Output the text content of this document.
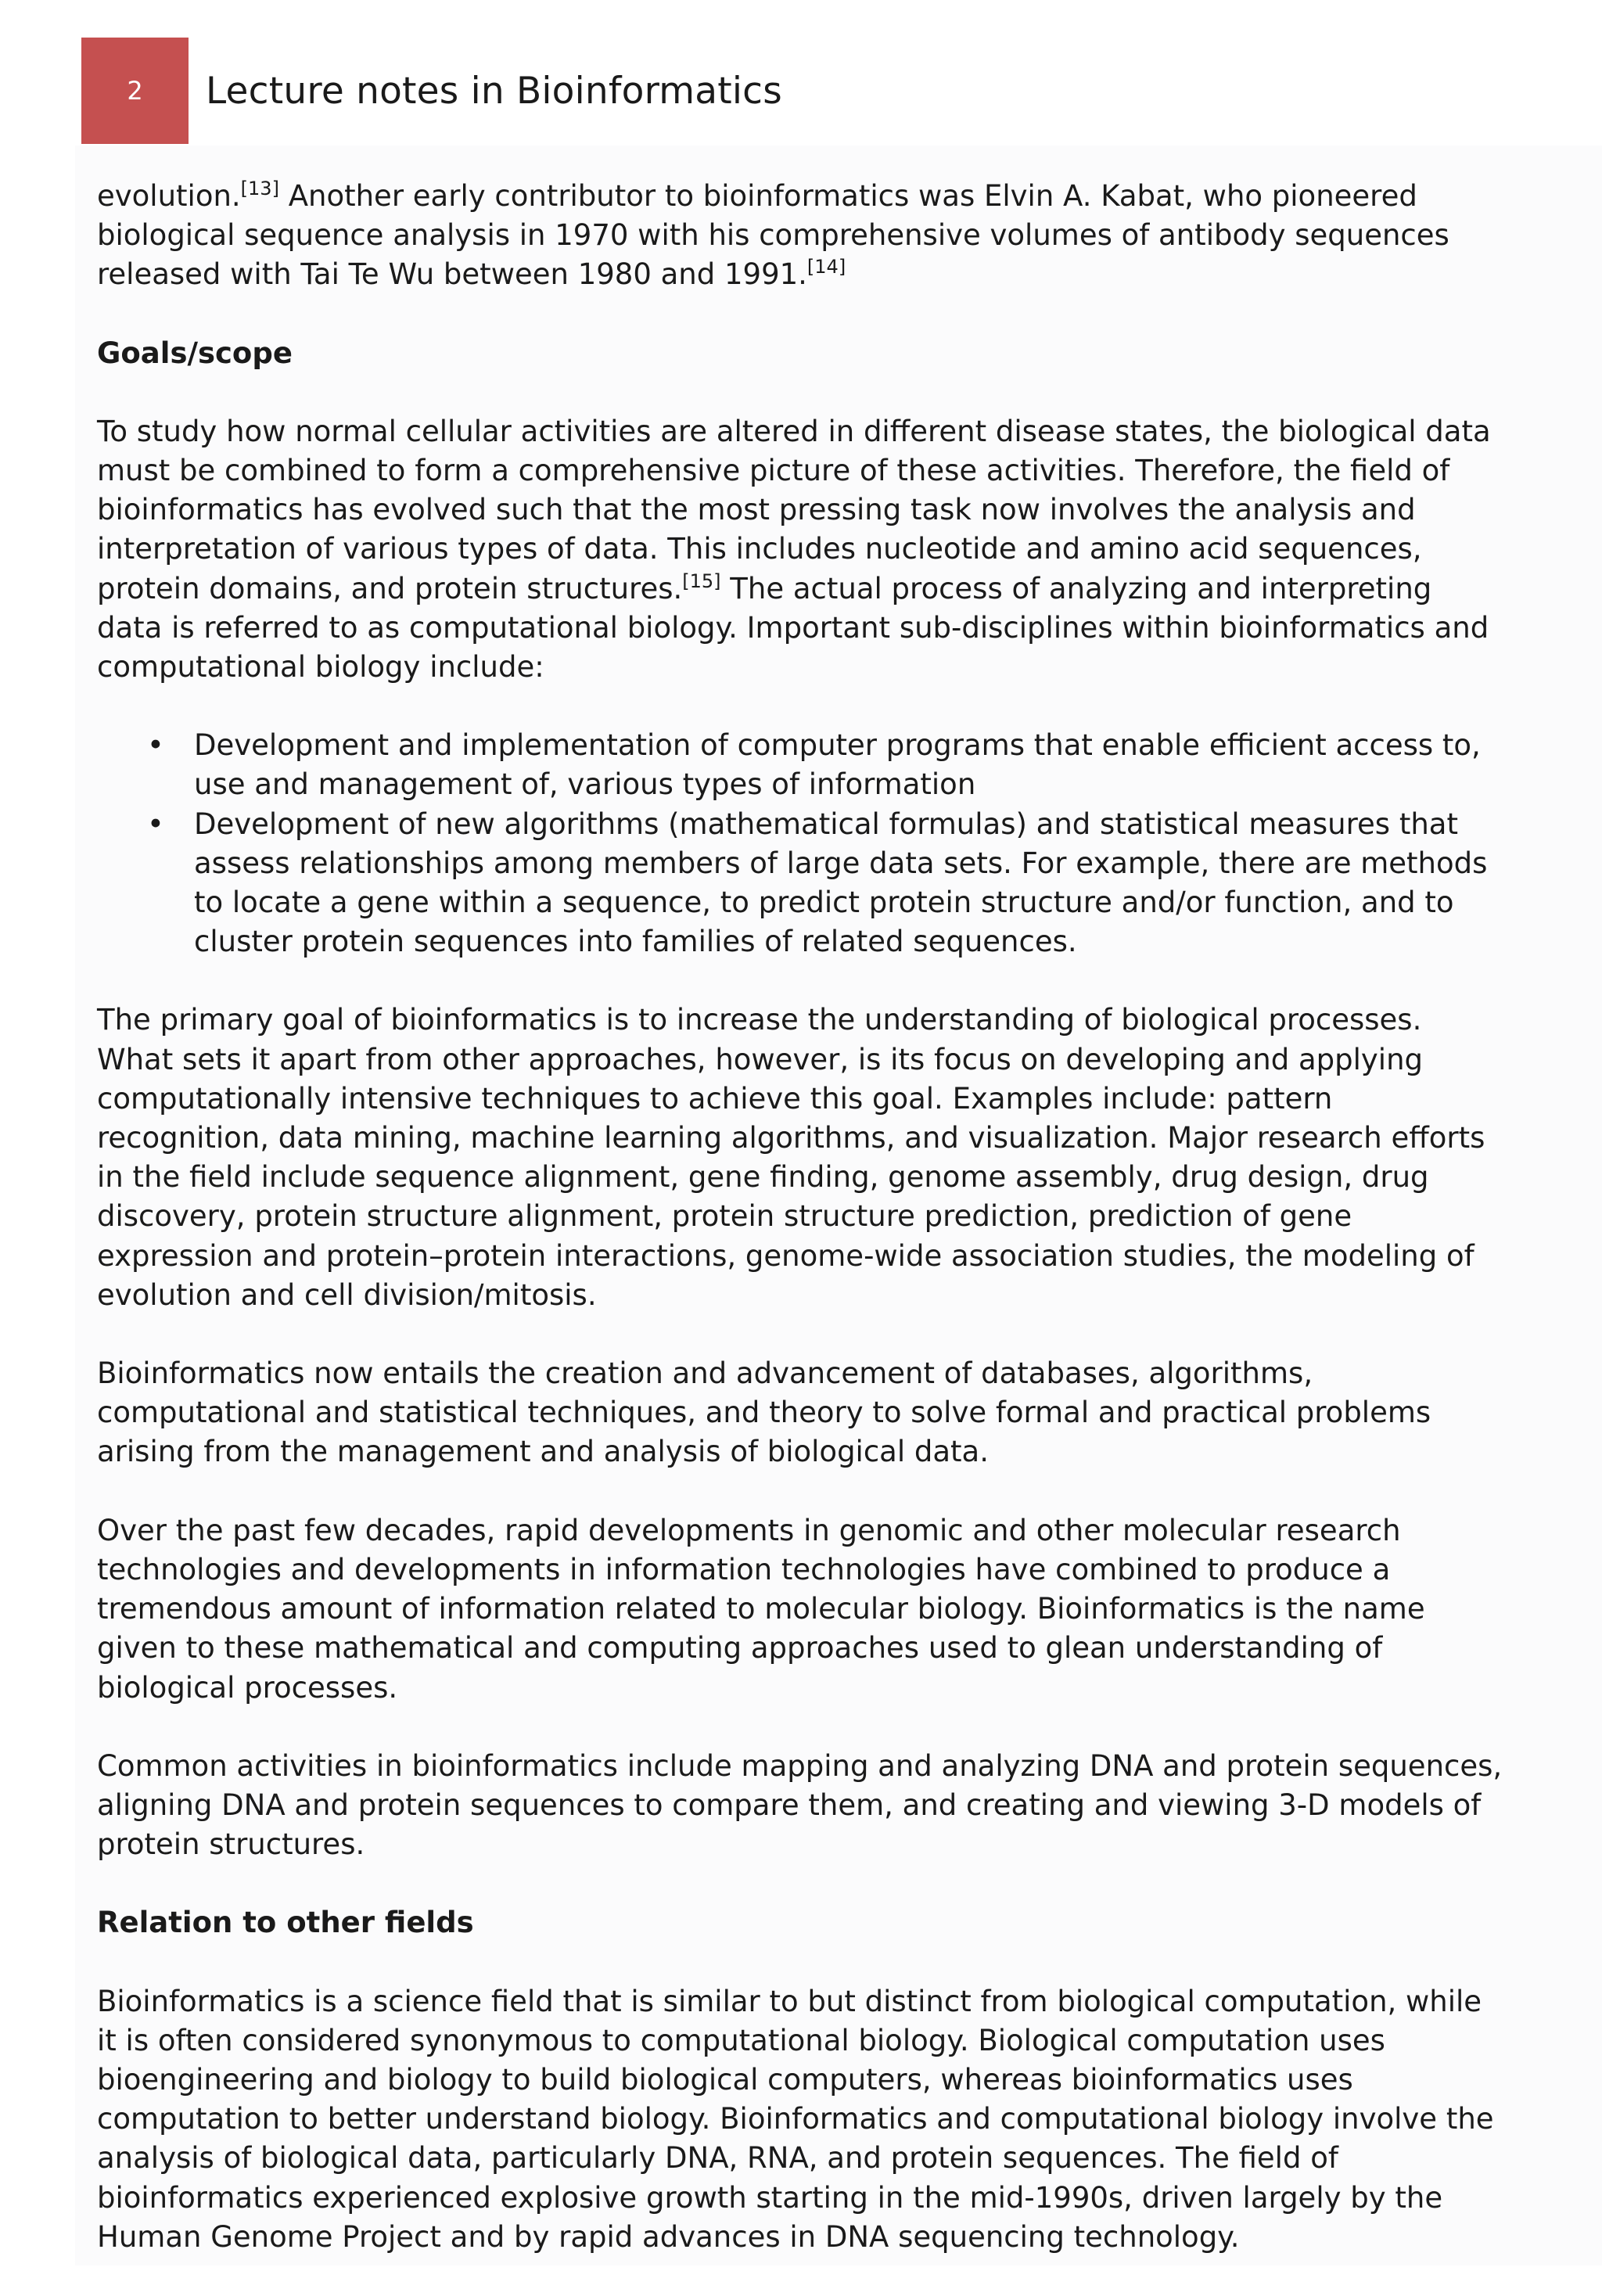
2	Lecture notes in Bioinformatics

evolution.[13] Another early contributor to bioinformatics was Elvin A. Kabat, who pioneered biological sequence analysis in 1970 with his comprehensive volumes of antibody sequences released with Tai Te Wu between 1980 and 1991.[14]

Goals/scope

To study how normal cellular activities are altered in different disease states, the biological data must be combined to form a comprehensive picture of these activities. Therefore, the field of bioinformatics has evolved such that the most pressing task now involves the analysis and interpretation of various types of data. This includes nucleotide and amino acid sequences, protein domains, and protein structures.[15] The actual process of analyzing and interpreting data is referred to as computational biology. Important sub-disciplines within bioinformatics and computational biology include:

• Development and implementation of computer programs that enable efficient access to, use and management of, various types of information
• Development of new algorithms (mathematical formulas) and statistical measures that assess relationships among members of large data sets. For example, there are methods to locate a gene within a sequence, to predict protein structure and/or function, and to cluster protein sequences into families of related sequences.

The primary goal of bioinformatics is to increase the understanding of biological processes. What sets it apart from other approaches, however, is its focus on developing and applying computationally intensive techniques to achieve this goal. Examples include: pattern recognition, data mining, machine learning algorithms, and visualization. Major research efforts in the field include sequence alignment, gene finding, genome assembly, drug design, drug discovery, protein structure alignment, protein structure prediction, prediction of gene expression and protein–protein interactions, genome-wide association studies, the modeling of evolution and cell division/mitosis.

Bioinformatics now entails the creation and advancement of databases, algorithms, computational and statistical techniques, and theory to solve formal and practical problems arising from the management and analysis of biological data.

Over the past few decades, rapid developments in genomic and other molecular research technologies and developments in information technologies have combined to produce a tremendous amount of information related to molecular biology. Bioinformatics is the name given to these mathematical and computing approaches used to glean understanding of biological processes.

Common activities in bioinformatics include mapping and analyzing DNA and protein sequences, aligning DNA and protein sequences to compare them, and creating and viewing 3-D models of protein structures.

Relation to other fields

Bioinformatics is a science field that is similar to but distinct from biological computation, while it is often considered synonymous to computational biology. Biological computation uses bioengineering and biology to build biological computers, whereas bioinformatics uses computation to better understand biology. Bioinformatics and computational biology involve the analysis of biological data, particularly DNA, RNA, and protein sequences. The field of bioinformatics experienced explosive growth starting in the mid-1990s, driven largely by the Human Genome Project and by rapid advances in DNA sequencing technology.
